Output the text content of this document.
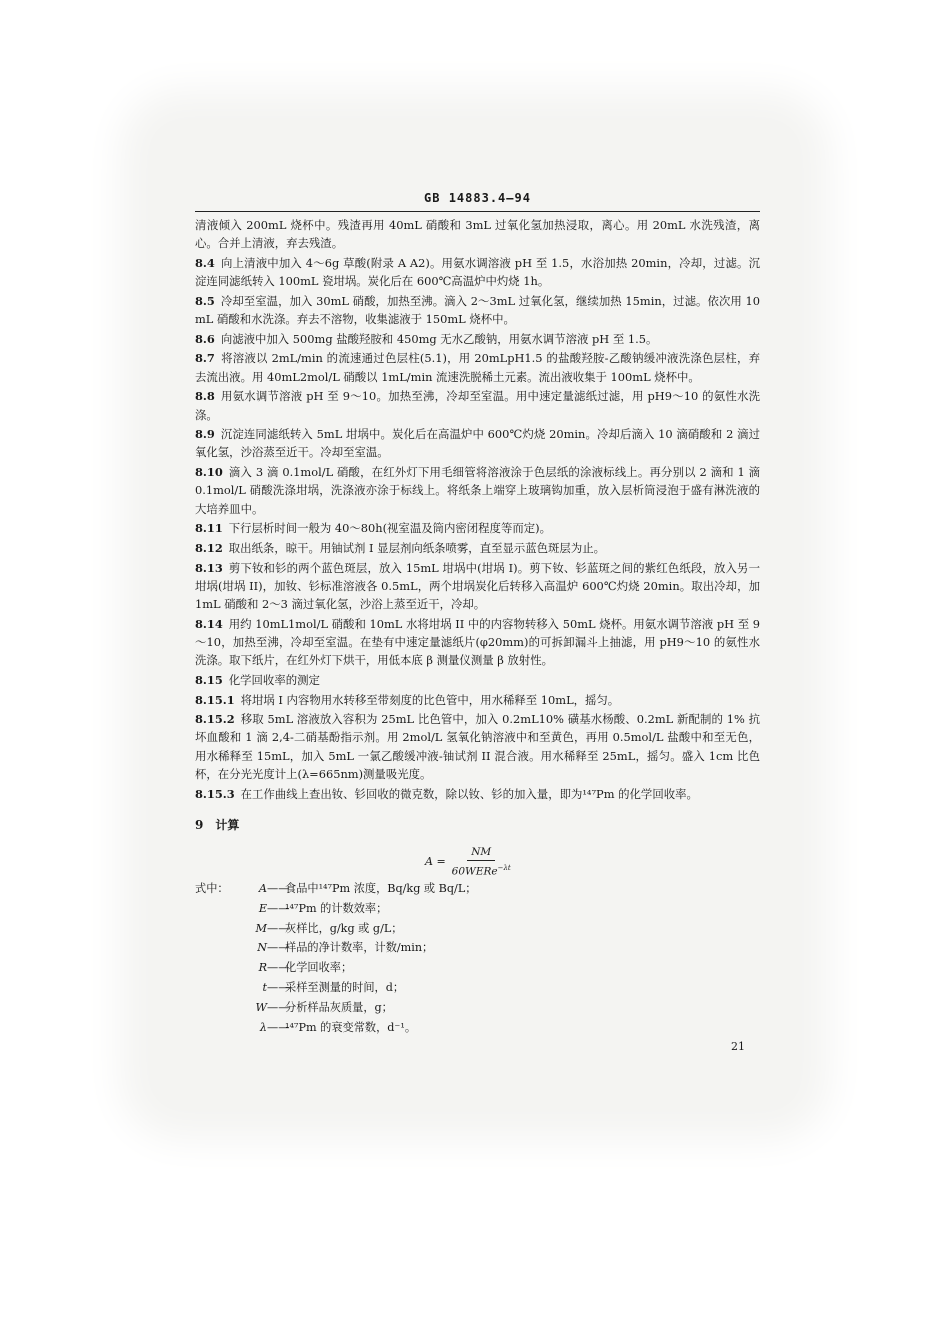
GB 14883.4—94

清液倾入 200mL 烧杯中。残渣再用 40mL 硝酸和 3mL 过氧化氢加热浸取，离心。用 20mL 水洗残渣，离心。合并上清液，弃去残渣。

8.4 向上清液中加入 4～6g 草酸(附录 A A2)。用氨水调溶液 pH 至 1.5，水浴加热 20min，冷却，过滤。沉淀连同滤纸转入 100mL 瓷坩埚。炭化后在 600℃高温炉中灼烧 1h。

8.5 冷却至室温，加入 30mL 硝酸，加热至沸。滴入 2～3mL 过氧化氢，继续加热 15min，过滤。依次用 10mL 硝酸和水洗涤。弃去不溶物，收集滤液于 150mL 烧杯中。

8.6 向滤液中加入 500mg 盐酸羟胺和 450mg 无水乙酸钠，用氨水调节溶液 pH 至 1.5。

8.7 将溶液以 2mL/min 的流速通过色层柱(5.1)，用 20mLpH1.5 的盐酸羟胺-乙酸钠缓冲液洗涤色层柱，弃去流出液。用 40mL2mol/L 硝酸以 1mL/min 流速洗脱稀土元素。流出液收集于 100mL 烧杯中。

8.8 用氨水调节溶液 pH 至 9～10。加热至沸，冷却至室温。用中速定量滤纸过滤，用 pH9～10 的氨性水洗涤。

8.9 沉淀连同滤纸转入 5mL 坩埚中。炭化后在高温炉中 600℃灼烧 20min。冷却后滴入 10 滴硝酸和 2 滴过氧化氢，沙浴蒸至近干。冷却至室温。

8.10 滴入 3 滴 0.1mol/L 硝酸，在红外灯下用毛细管将溶液涂于色层纸的涂液标线上。再分别以 2 滴和 1 滴 0.1mol/L 硝酸洗涤坩埚，洗涤液亦涂于标线上。将纸条上端穿上玻璃钩加重，放入层析筒浸泡于盛有淋洗液的大培养皿中。

8.11 下行层析时间一般为 40～80h(视室温及筒内密闭程度等而定)。

8.12 取出纸条，晾干。用铀试剂 I 显层剂向纸条喷雾，直至显示蓝色斑层为止。

8.13 剪下钕和钐的两个蓝色斑层，放入 15mL 坩埚中(坩埚 I)。剪下钕、钐蓝斑之间的紫红色纸段，放入另一坩埚(坩埚 II)，加钕、钐标准溶液各 0.5mL，两个坩埚炭化后转移入高温炉 600℃灼烧 20min。取出冷却，加 1mL 硝酸和 2～3 滴过氧化氢，沙浴上蒸至近干，冷却。

8.14 用约 10mL1mol/L 硝酸和 10mL 水将坩埚 II 中的内容物转移入 50mL 烧杯。用氨水调节溶液 pH 至 9～10，加热至沸，冷却至室温。在垫有中速定量滤纸片(φ20mm)的可拆卸漏斗上抽滤，用 pH9～10 的氨性水洗涤。取下纸片，在红外灯下烘干，用低本底 β 测量仪测量 β 放射性。

8.15 化学回收率的测定

8.15.1 将坩埚 I 内容物用水转移至带刻度的比色管中，用水稀释至 10mL，摇匀。

8.15.2 移取 5mL 溶液放入容积为 25mL 比色管中，加入 0.2mL10% 磺基水杨酸、0.2mL 新配制的 1% 抗坏血酸和 1 滴 2,4-二硝基酚指示剂。用 2mol/L 氢氧化钠溶液中和至黄色，再用 0.5mol/L 盐酸中和至无色，用水稀释至 15mL，加入 5mL 一氯乙酸缓冲液-铀试剂 II 混合液。用水稀释至 25mL，摇匀。盛入 1cm 比色杯，在分光光度计上(λ=665nm)测量吸光度。

8.15.3 在工作曲线上查出钕、钐回收的微克数，除以钕、钐的加入量，即为¹⁴⁷Pm 的化学回收率。

9　计算
$A = \frac{NM}{60WERe^{-\lambda t}}$
式中：	A ——
食品中¹⁴⁷Pm 浓度，Bq/kg 或 Bq/L；
E ——
¹⁴⁷Pm 的计数效率；
M ——
灰样比，g/kg 或 g/L；
N ——
样品的净计数率，计数/min；
R ——
化学回收率；
t ——
采样至测量的时间，d；
W ——
分析样品灰质量，g；
λ ——
¹⁴⁷Pm 的衰变常数，d⁻¹。
21
